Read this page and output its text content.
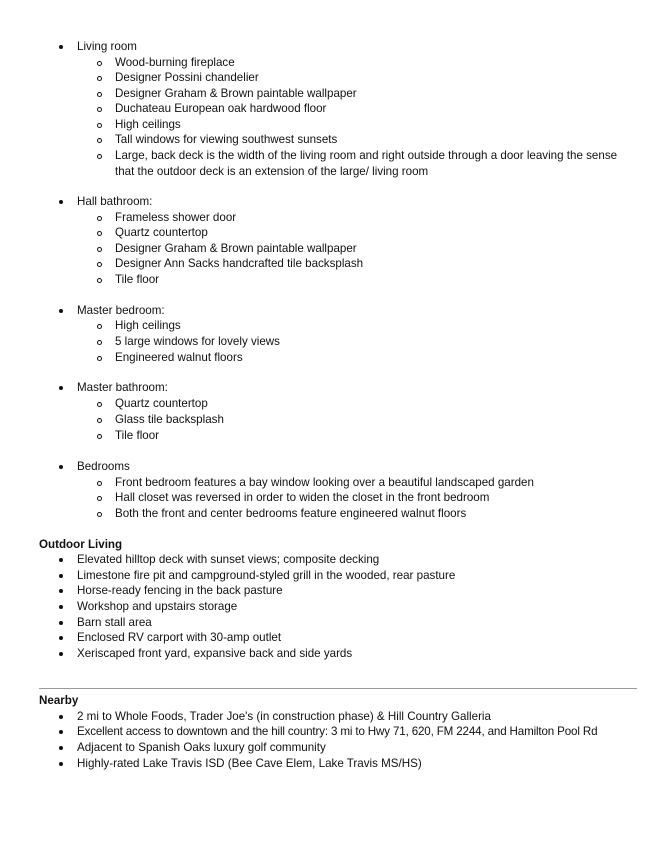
Living room
Wood-burning fireplace
Designer Possini chandelier
Designer Graham & Brown paintable wallpaper
Duchateau European oak hardwood floor
High ceilings
Tall windows for viewing southwest sunsets
Large, back deck is the width of the living room and right outside through a door leaving the sense
that the outdoor deck is an extension of the large/ living room
Hall bathroom:
Frameless shower door
Quartz countertop
Designer Graham & Brown paintable wallpaper
Designer Ann Sacks handcrafted tile backsplash
Tile floor
Master bedroom:
High ceilings
5 large windows for lovely views
Engineered walnut floors
Master bathroom:
Quartz countertop
Glass tile backsplash
Tile floor
Bedrooms
Front bedroom features a bay window looking over a beautiful landscaped garden
Hall closet was reversed in order to widen the closet in the front bedroom
Both the front and center bedrooms feature engineered walnut floors
Outdoor Living
Elevated hilltop deck with sunset views; composite decking
Limestone fire pit and campground-styled grill in the wooded, rear pasture
Horse-ready fencing in the back pasture
Workshop and upstairs storage
Barn stall area
Enclosed RV carport with 30-amp outlet
Xeriscaped front yard, expansive back and side yards
Nearby
2 mi to Whole Foods, Trader Joe's (in construction phase) & Hill Country Galleria
Excellent access to downtown and the hill country: 3 mi to Hwy 71, 620, FM 2244, and Hamilton Pool Rd
Adjacent to Spanish Oaks luxury golf community
Highly-rated Lake Travis ISD (Bee Cave Elem, Lake Travis MS/HS)
